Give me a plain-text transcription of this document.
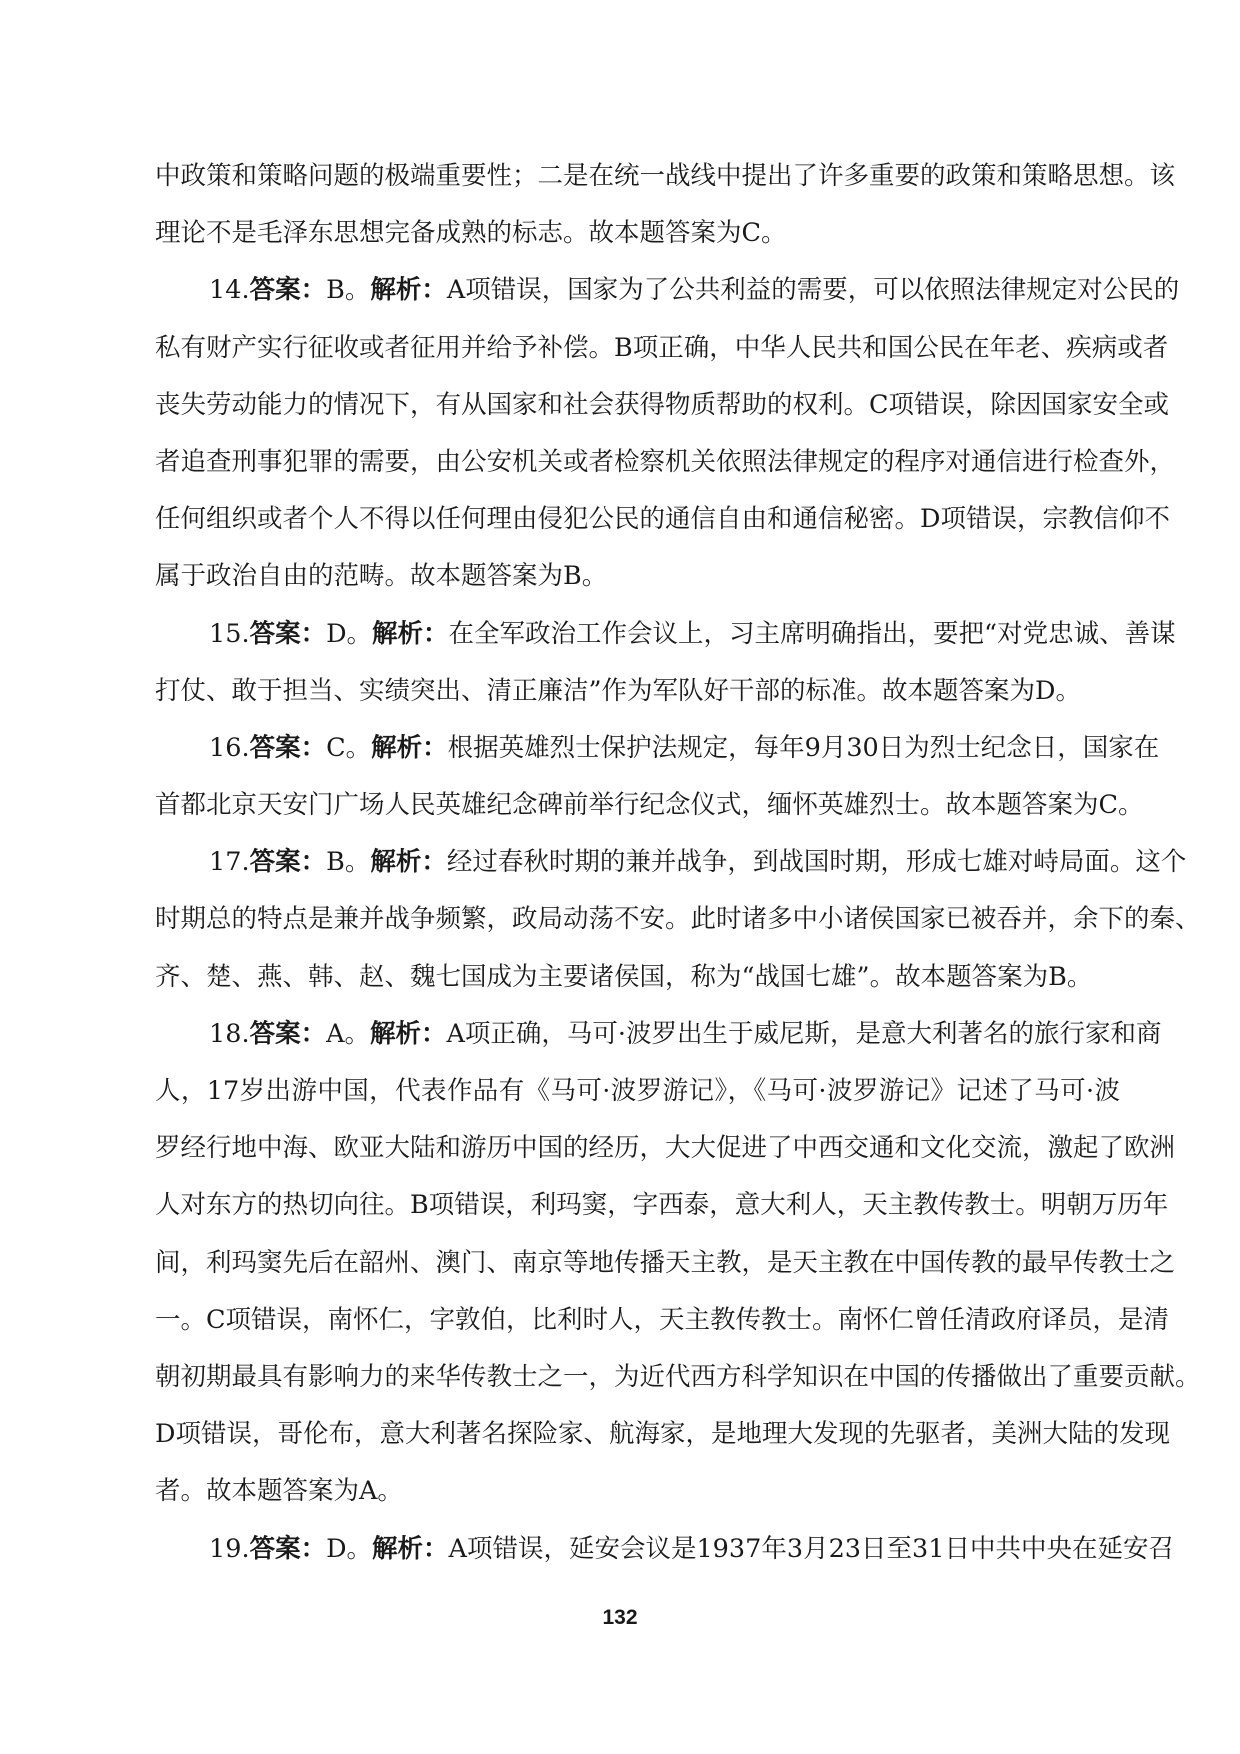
中政策和策略问题的极端重要性；二是在统一战线中提出了许多重要的政策和策略思想。该
理论不是毛泽东思想完备成熟的标志。故本题答案为C。
14.答案：B。解析：A项错误，国家为了公共利益的需要，可以依照法律规定对公民的
私有财产实行征收或者征用并给予补偿。B项正确，中华人民共和国公民在年老、疾病或者
丧失劳动能力的情况下，有从国家和社会获得物质帮助的权利。C项错误，除因国家安全或
者追查刑事犯罪的需要，由公安机关或者检察机关依照法律规定的程序对通信进行检查外，
任何组织或者个人不得以任何理由侵犯公民的通信自由和通信秘密。D项错误，宗教信仰不
属于政治自由的范畴。故本题答案为B。
15.答案：D。解析：在全军政治工作会议上，习主席明确指出，要把“对党忠诚、善谋
打仗、敢于担当、实绩突出、清正廉洁”作为军队好干部的标准。故本题答案为D。
16.答案：C。解析：根据英雄烈士保护法规定，每年9月30日为烈士纪念日，国家在
首都北京天安门广场人民英雄纪念碑前举行纪念仪式，缅怀英雄烈士。故本题答案为C。
17.答案：B。解析：经过春秋时期的兼并战争，到战国时期，形成七雄对峙局面。这个
时期总的特点是兼并战争频繁，政局动荡不安。此时诸多中小诸侯国家已被吞并，余下的秦、
齐、楚、燕、韩、赵、魏七国成为主要诸侯国，称为“战国七雄”。故本题答案为B。
18.答案：A。解析：A项正确，马可·波罗出生于威尼斯，是意大利著名的旅行家和商
人，17岁出游中国，代表作品有《马可·波罗游记》，《马可·波罗游记》记述了马可·波
罗经行地中海、欧亚大陆和游历中国的经历，大大促进了中西交通和文化交流，激起了欧洲
人对东方的热切向往。B项错误，利玛窦，字西泰，意大利人，天主教传教士。明朝万历年
间，利玛窦先后在韶州、澳门、南京等地传播天主教，是天主教在中国传教的最早传教士之
一。C项错误，南怀仁，字敦伯，比利时人，天主教传教士。南怀仁曾任清政府译员，是清
朝初期最具有影响力的来华传教士之一，为近代西方科学知识在中国的传播做出了重要贡献。
D项错误，哥伦布，意大利著名探险家、航海家，是地理大发现的先驱者，美洲大陆的发现
者。故本题答案为A。
19.答案：D。解析：A项错误，延安会议是1937年3月23日至31日中共中央在延安召
132
